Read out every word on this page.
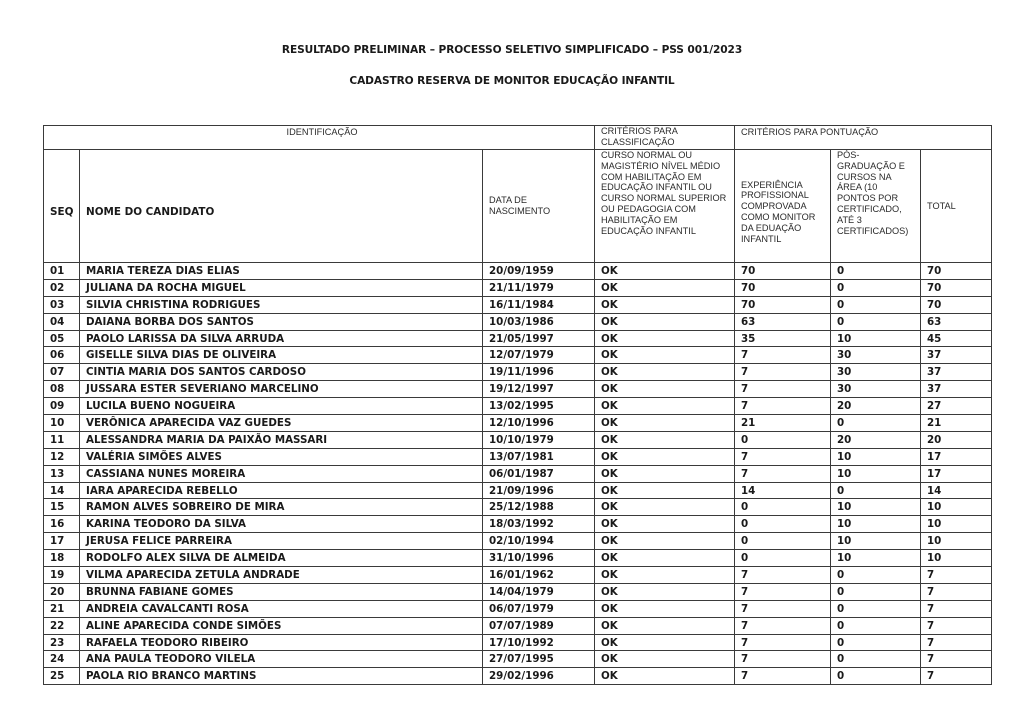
RESULTADO PRELIMINAR – PROCESSO SELETIVO SIMPLIFICADO – PSS 001/2023
CADASTRO RESERVA DE MONITOR EDUCAÇÃO INFANTIL
IDENTIFICAÇÃO			CRITÉRIOS PARA CLASSIFICAÇÃO	CRITÉRIOS PARA PONTUAÇÃO		
SEQ	NOME DO CANDIDATO	DATA DE NASCIMENTO	CURSO NORMAL OU MAGISTÉRIO NÍVEL MÉDIO COM HABILITAÇÃO EM EDUCAÇÃO INFANTIL OU CURSO NORMAL SUPERIOR OU PEDAGOGIA COM HABILITAÇÃO EM EDUCAÇÃO INFANTIL	EXPERIÊNCIA PROFISSIONAL COMPROVADA COMO MONITOR DA EDUAÇÃO INFANTIL	PÓS-GRADUAÇÃO E CURSOS NA ÁREA (10 PONTOS POR CERTIFICADO, ATÉ 3 CERTIFICADOS)	TOTAL
01	MARIA TEREZA DIAS ELIAS	20/09/1959	OK	70	0	70
02	JULIANA DA ROCHA MIGUEL	21/11/1979	OK	70	0	70
03	SILVIA CHRISTINA RODRIGUES	16/11/1984	OK	70	0	70
04	DAIANA BORBA DOS SANTOS	10/03/1986	OK	63	0	63
05	PAOLO LARISSA DA SILVA ARRUDA	21/05/1997	OK	35	10	45
06	GISELLE SILVA DIAS DE OLIVEIRA	12/07/1979	OK	7	30	37
07	CINTIA MARIA DOS SANTOS CARDOSO	19/11/1996	OK	7	30	37
08	JUSSARA ESTER SEVERIANO MARCELINO	19/12/1997	OK	7	30	37
09	LUCILA BUENO NOGUEIRA	13/02/1995	OK	7	20	27
10	VERÔNICA APARECIDA VAZ GUEDES	12/10/1996	OK	21	0	21
11	ALESSANDRA MARIA DA PAIXÃO MASSARI	10/10/1979	OK	0	20	20
12	VALÉRIA SIMÕES ALVES	13/07/1981	OK	7	10	17
13	CASSIANA NUNES MOREIRA	06/01/1987	OK	7	10	17
14	IARA APARECIDA REBELLO	21/09/1996	OK	14	0	14
15	RAMON ALVES SOBREIRO DE MIRA	25/12/1988	OK	0	10	10
16	KARINA TEODORO DA SILVA	18/03/1992	OK	0	10	10
17	JERUSA FELICE PARREIRA	02/10/1994	OK	0	10	10
18	RODOLFO ALEX SILVA DE ALMEIDA	31/10/1996	OK	0	10	10
19	VILMA APARECIDA ZETULA ANDRADE	16/01/1962	OK	7	0	7
20	BRUNNA FABIANE GOMES	14/04/1979	OK	7	0	7
21	ANDREIA CAVALCANTI ROSA	06/07/1979	OK	7	0	7
22	ALINE APARECIDA CONDE SIMÕES	07/07/1989	OK	7	0	7
23	RAFAELA TEODORO RIBEIRO	17/10/1992	OK	7	0	7
24	ANA PAULA TEODORO VILELA	27/07/1995	OK	7	0	7
25	PAOLA RIO BRANCO MARTINS	29/02/1996	OK	7	0	7
